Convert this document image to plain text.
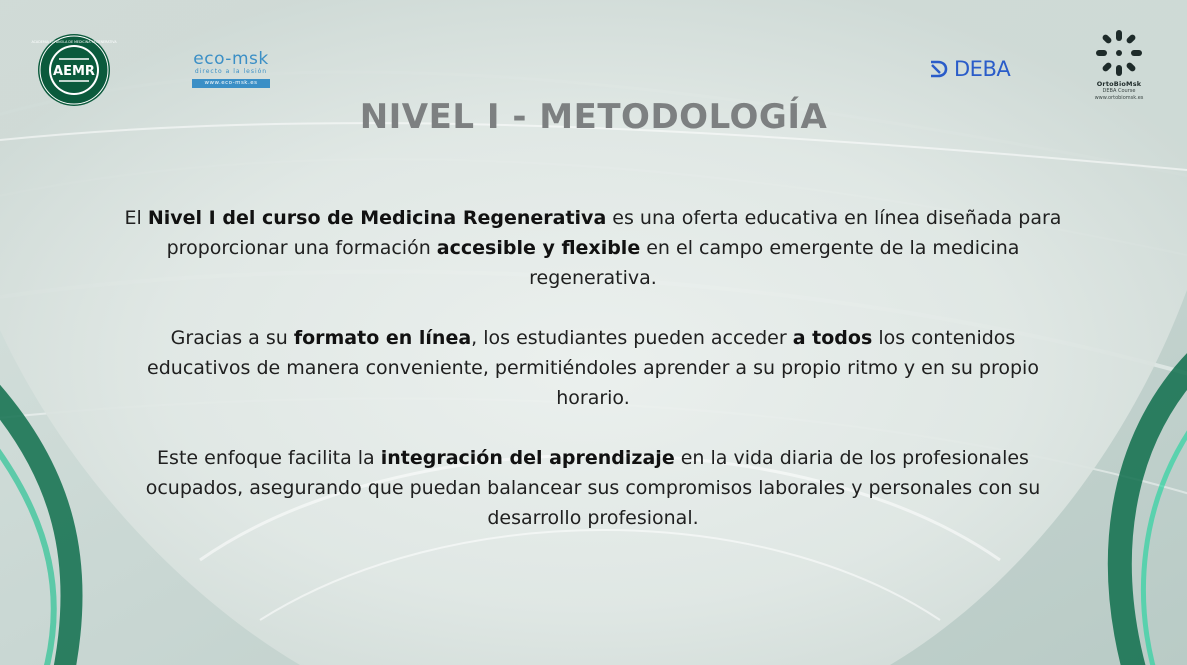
AEMR
ACADEMIA ESPAÑOLA DE MEDICINA REGENERATIVA
eco-msk
directo a la lesión
www.eco-msk.es
DEBA
OrtoBioMsk
DEBA Course
www.ortobiomsk.es
NIVEL I - METODOLOGÍA
El Nivel I del curso de Medicina Regenerativa es una oferta educativa en línea diseñada para proporcionar una formación accesible y flexible en el campo emergente de la medicina regenerativa.
Gracias a su formato en línea, los estudiantes pueden acceder a todos los contenidos educativos de manera conveniente, permitiéndoles aprender a su propio ritmo y en su propio horario.
Este enfoque facilita la integración del aprendizaje en la vida diaria de los profesionales ocupados, asegurando que puedan balancear sus compromisos laborales y personales con su desarrollo profesional.
